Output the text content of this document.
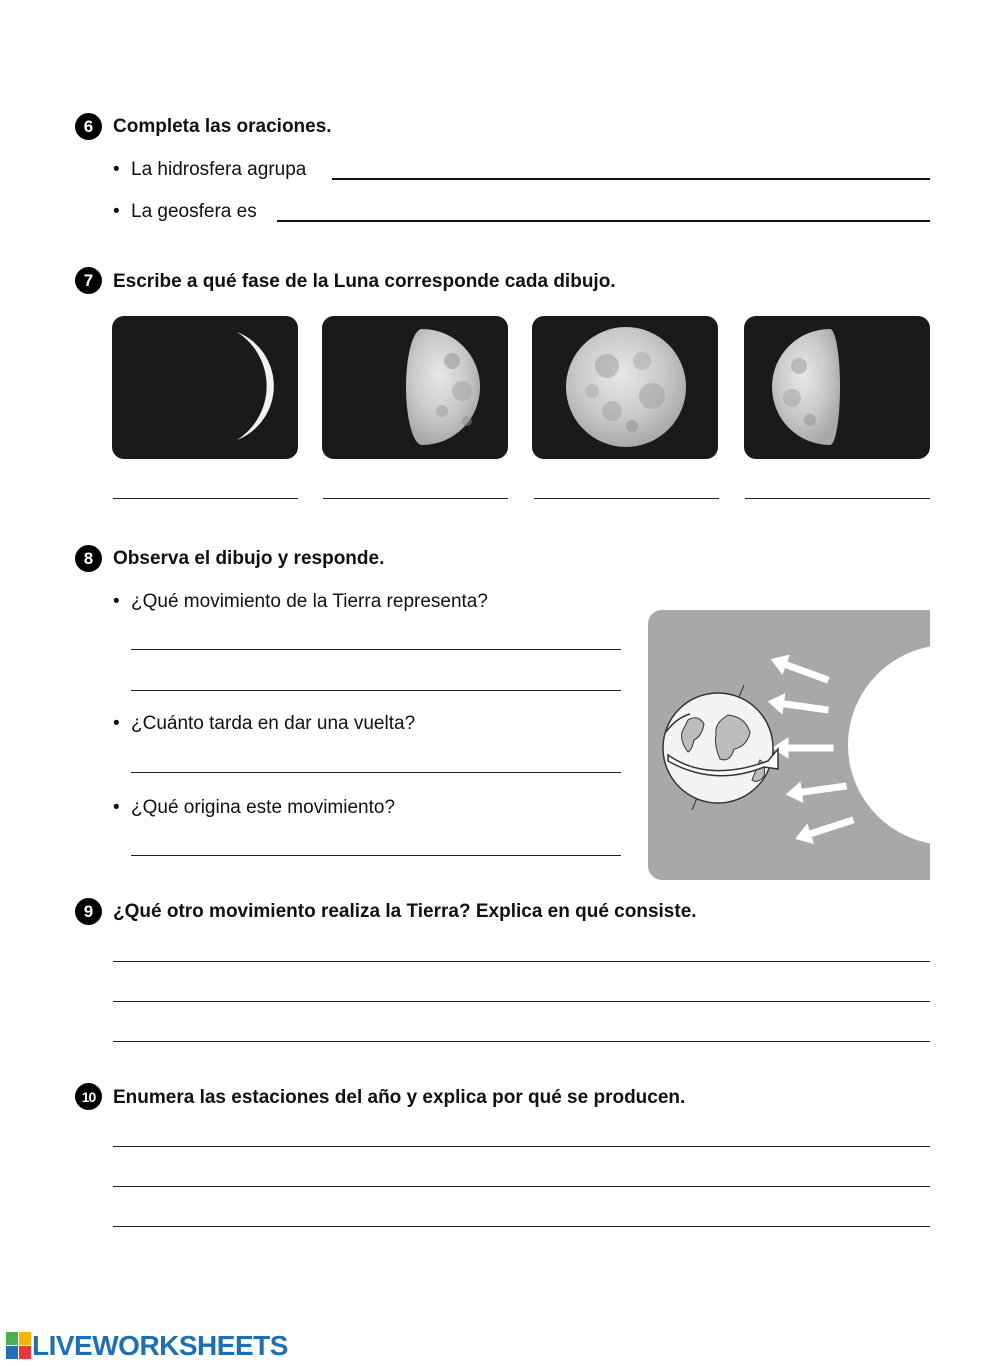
6	Completa las oraciones.
• La hidrosfera agrupa
• La geosfera es
7	Escribe a qué fase de la Luna corresponde cada dibujo.
8	Observa el dibujo y responde.
• ¿Qué movimiento de la Tierra representa?
• ¿Cuánto tarda en dar una vuelta?
• ¿Qué origina este movimiento?
9	¿Qué otro movimiento realiza la Tierra? Explica en qué consiste.
10 Enumera las estaciones del año y explica por qué se producen.
LIVEWORKSHEETS
